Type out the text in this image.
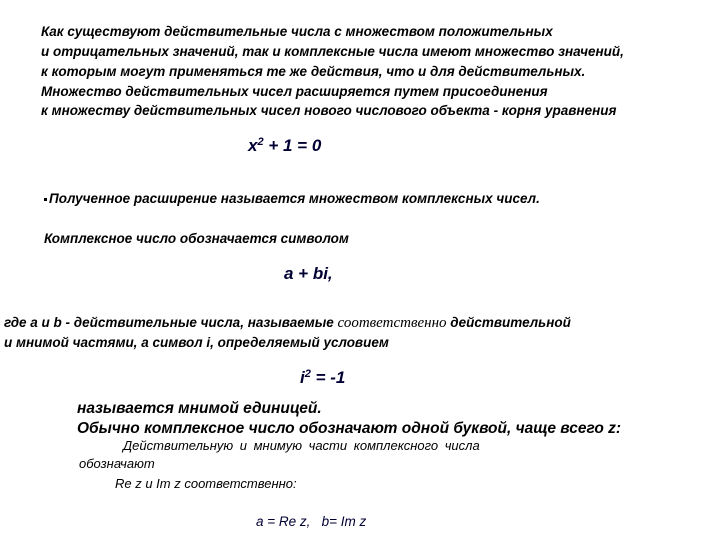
Как существуют действительные числа с множеством положительных
и отрицательных значений, так и комплексные числа имеют множество значений,
к которым могут применяться те же действия, что и для действительных.
Множество действительных чисел расширяется путем присоединения
к множеству действительных чисел нового числового объекта - корня уравнения
$x^2 + 1 = 0$
Полученное расширение называется множеством комплексных чисел.
Комплексное число обозначается символом
a + bi,
где a и b - действительные числа, называемые соответственно действительной
и мнимой частями, а символ i, определяемый условием
$i^2 = -1$
называется мнимой единицей.
Обычно комплексное число обозначают одной буквой, чаще всего z:
Действительную и мнимую части комплексного числа
обозначают
Re z и Im z соответственно:
a = Re z,   b= Im z
